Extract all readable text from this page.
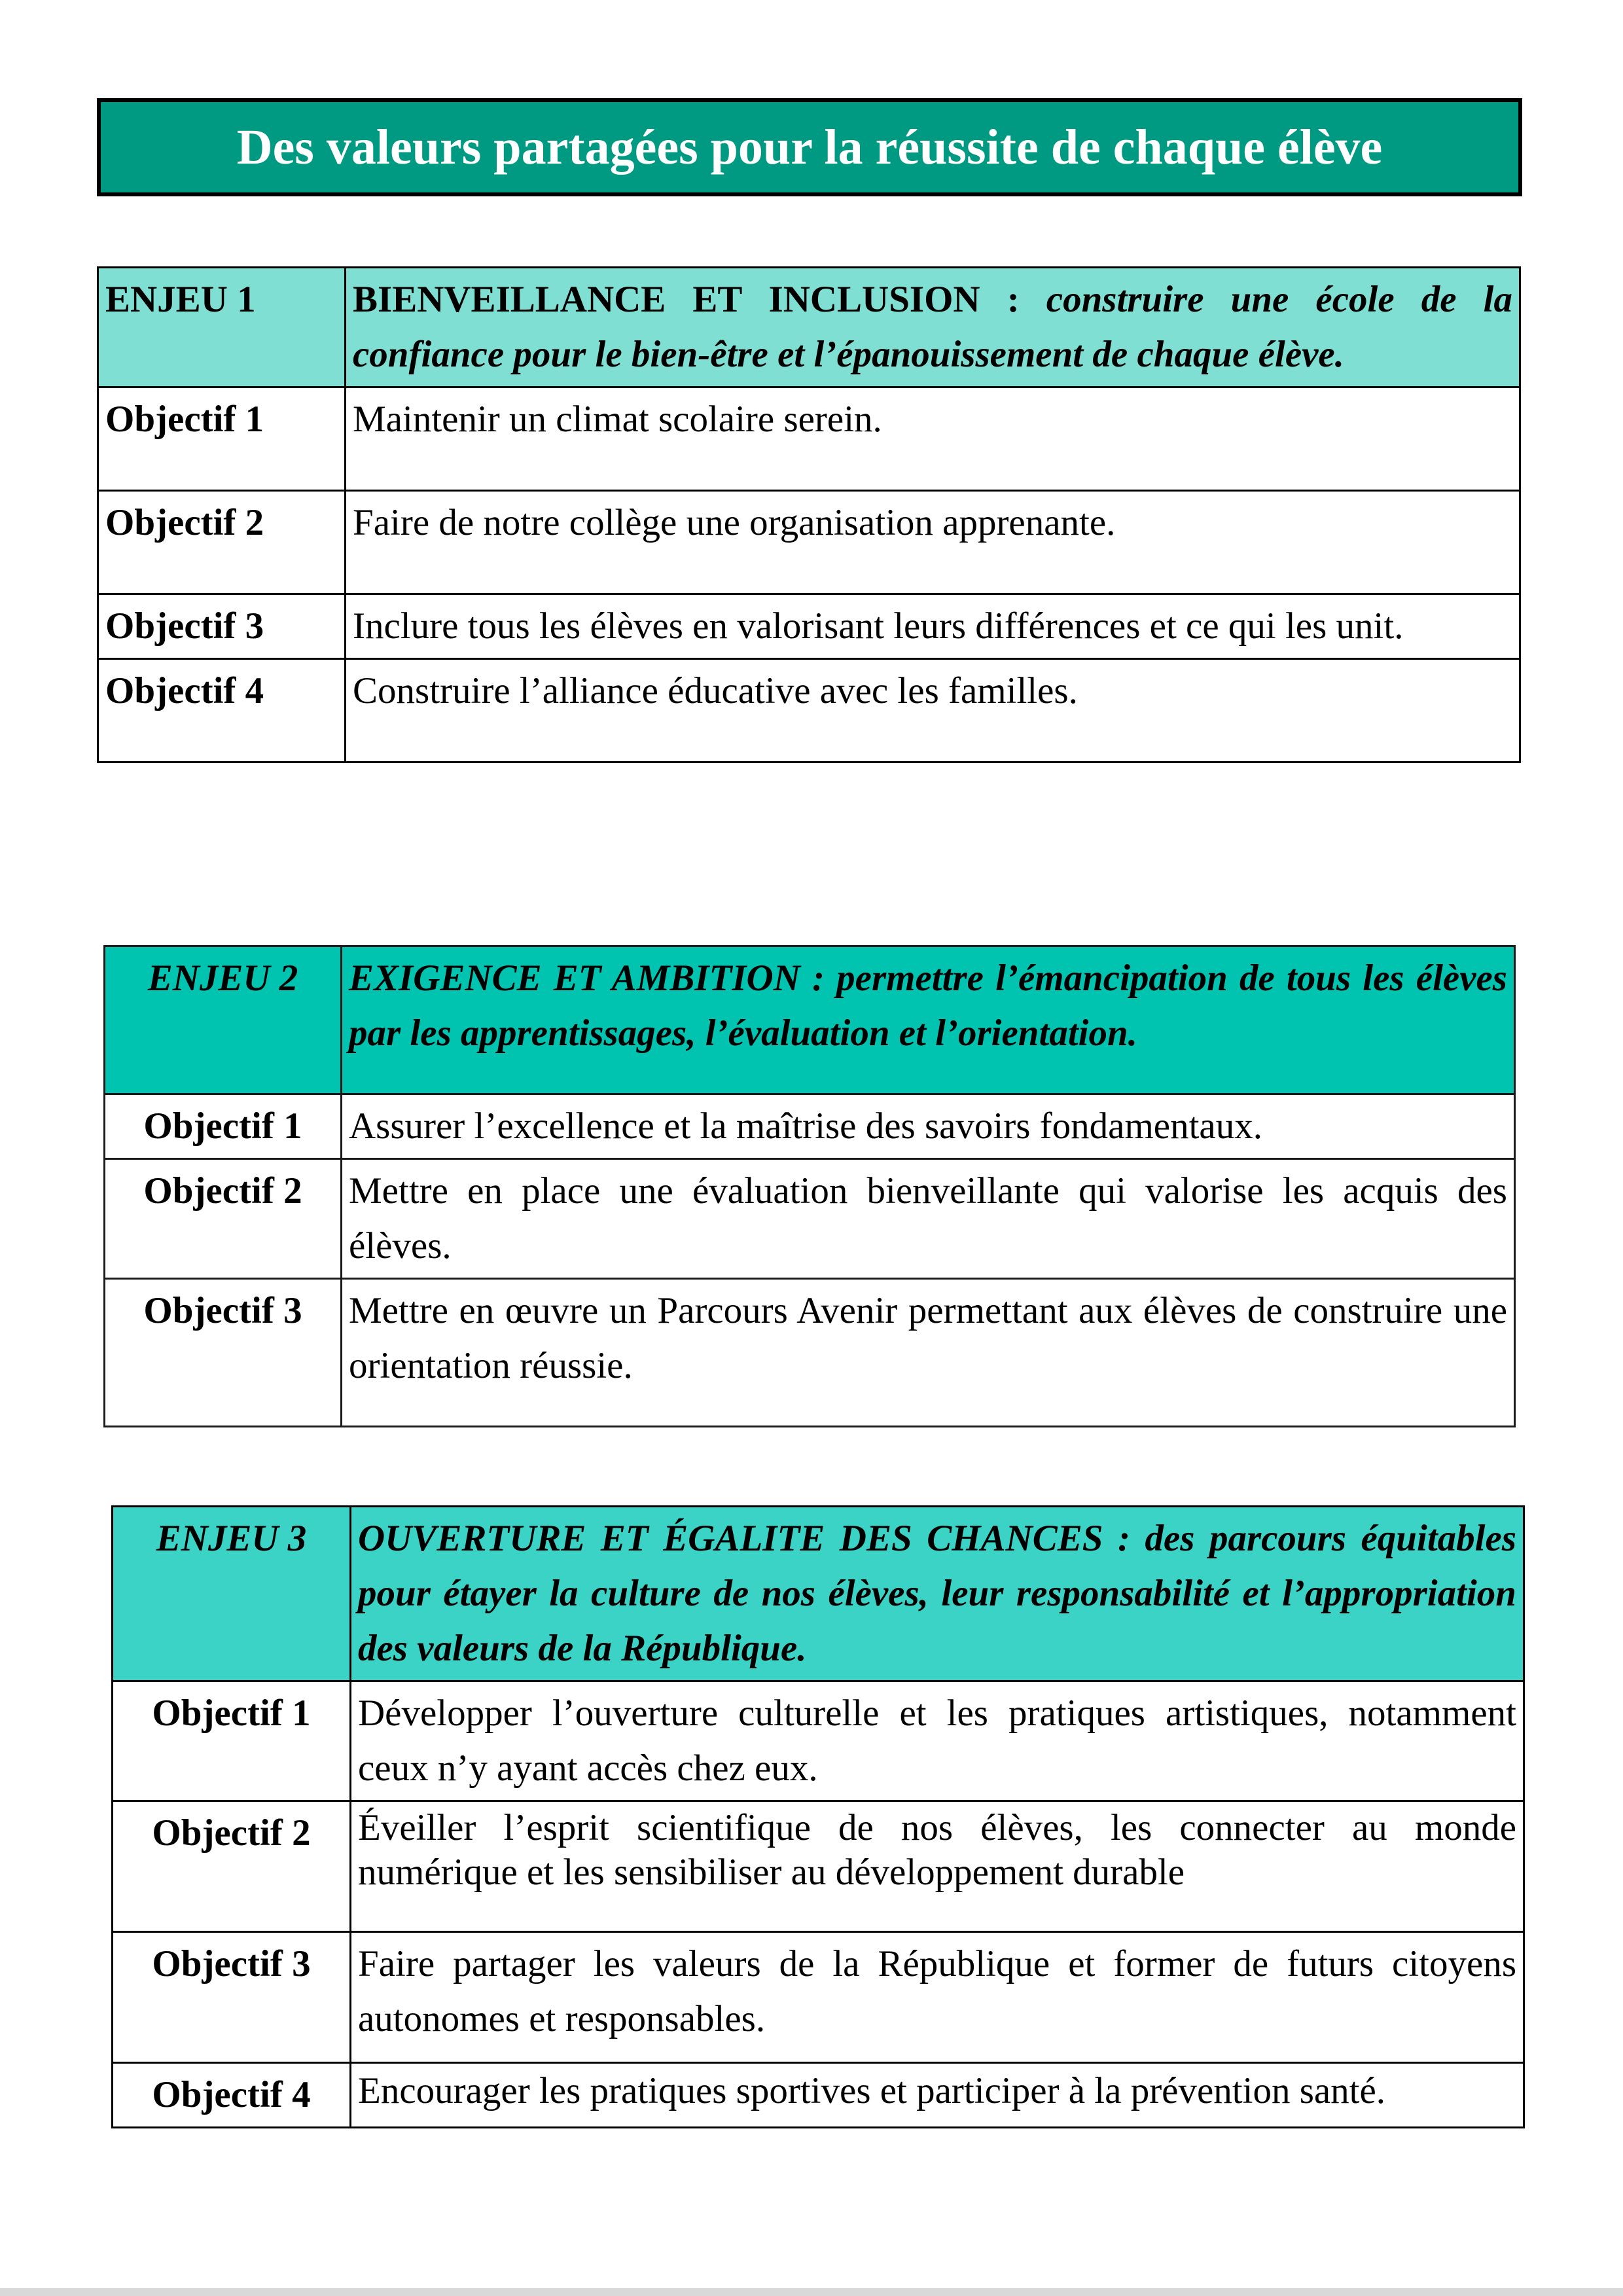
Des valeurs partagées pour la réussite de chaque élève
ENJEU 1	BIENVEILLANCE ET INCLUSION : construire une école de la confiance pour le bien-être et l’épanouissement de chaque élève.
Objectif 1	Maintenir un climat scolaire serein.
Objectif 2	Faire de notre collège une organisation apprenante.
Objectif 3	Inclure tous les élèves en valorisant leurs différences et ce qui les unit.
Objectif 4	Construire l’alliance éducative avec les familles.
ENJEU 2	EXIGENCE ET AMBITION : permettre l’émancipation de tous les élèves par les apprentissages, l’évaluation et l’orientation.
Objectif 1	Assurer l’excellence et la maîtrise des savoirs fondamentaux.
Objectif 2	Mettre en place une évaluation bienveillante qui valorise les acquis des élèves.
Objectif 3	Mettre en œuvre un Parcours Avenir permettant aux élèves de construire une orientation réussie.
ENJEU 3	OUVERTURE ET ÉGALITE DES CHANCES : des parcours équitables pour étayer la culture de nos élèves, leur responsabilité et l’appropriation des valeurs de la République.
Objectif 1	Développer l’ouverture culturelle et les pratiques artistiques, notamment ceux n’y ayant accès chez eux.
Objectif 2	Éveiller l’esprit scientifique de nos élèves, les connecter au monde numérique et les sensibiliser au développement durable
Objectif 3	Faire partager les valeurs de la République et former de futurs citoyens autonomes et responsables.
Objectif 4	Encourager les pratiques sportives et participer à la prévention santé.
